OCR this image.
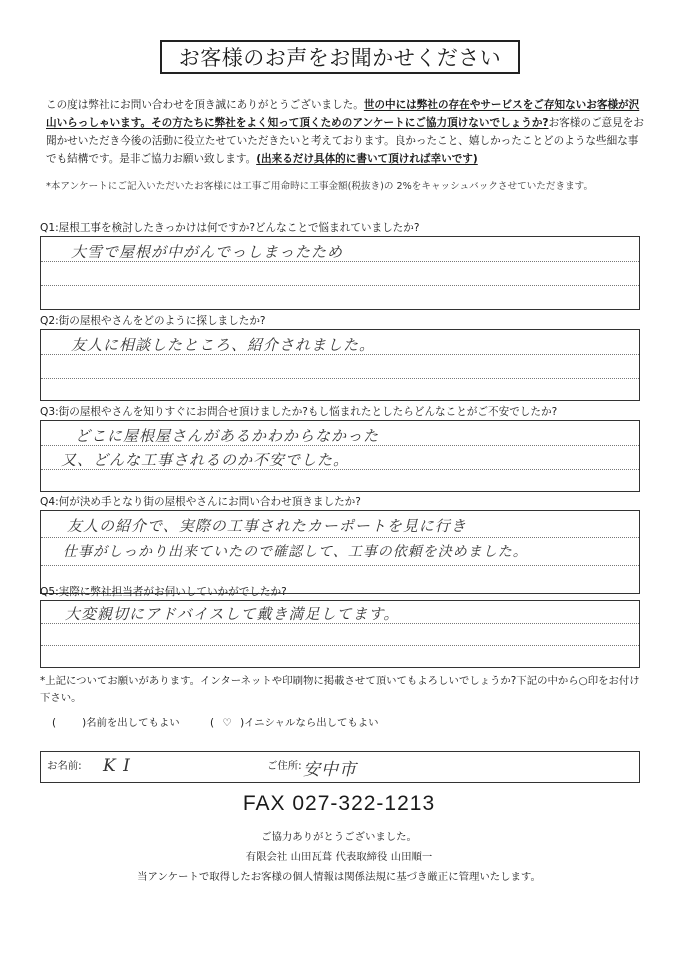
お客様のお声をお聞かせください
この度は弊社にお問い合わせを頂き誠にありがとうございました。世の中には弊社の存在やサービスをご存知ないお客様が沢山いらっしゃいます。その方たちに弊社をよく知って頂くためのアンケートにご協力頂けないでしょうか?お客様のご意見をお聞かせいただき今後の活動に役立たせていただきたいと考えております。良かったこと、嬉しかったことどのような些細な事でも結構です。是非ご協力お願い致します。(出来るだけ具体的に書いて頂ければ幸いです)
*本アンケートにご記入いただいたお客様には工事ご用命時に工事金額(税抜き)の 2%をキャッシュバックさせていただきます。
Q1:屋根工事を検討したきっかけは何ですか?どんなことで悩まれていましたか?
大雪で屋根が中がんでっしまったため
Q2:街の屋根やさんをどのように探しましたか?
友人に相談したところ、紹介されました。
Q3:街の屋根やさんを知りすぐにお問合せ頂けましたか?もし悩まれたとしたらどんなことがご不安でしたか?
どこに屋根屋さんがあるかわからなかった
又、どんな工事されるのか不安でした。
Q4:何が決め手となり街の屋根やさんにお問い合わせ頂きましたか?
友人の紹介で、実際の工事されたカーポートを見に行き
仕事がしっかり出来ていたので確認して、工事の依頼を決めました。
Q5:実際に弊社担当者がお伺いしていかがでしたか?
大変親切にアドバイスして戴き満足してます。
*上記についてお願いがあります。インターネットや印刷物に掲載させて頂いてもよろしいでしょうか?下記の中から○印をお付け下さい。
(	)名前を出してもよい	( ♡ )イニシャルなら出してもよい
お名前: K I	ご住所: 安中市
FAX 027-322-1213
ご協力ありがとうございました。
有限会社 山田瓦葺 代表取締役 山田順一
当アンケートで取得したお客様の個人情報は関係法規に基づき厳正に管理いたします。
